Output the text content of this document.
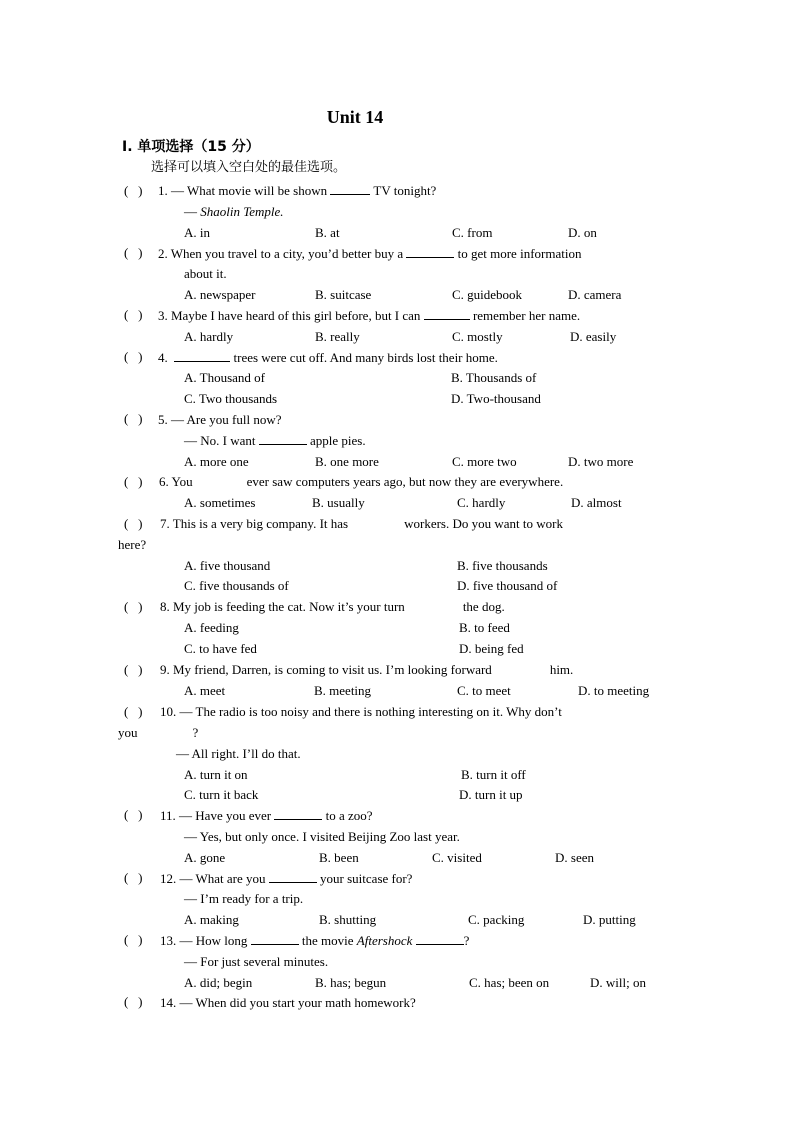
Unit 14
Ⅰ. 单项选择（15 分）
选择可以填入空白处的最佳选项。
(   ) 1. — What movie will be shown	TV tonight?
— Shaolin Temple.
A. in	B. at	C. from	D. on
(   ) 2. When you travel to a city, you’d better buy a	to get more information
about it.
A. newspaper	B. suitcase	C. guidebook	D. camera
(   ) 3. Maybe I have heard of this girl before, but I can	remember her name.
A. hardly	B. really	C. mostly	D. easily
(   ) 4.	trees were cut off. And many birds lost their home.
A. Thousand of	B. Thousands of
C. Two thousands	D. Two-thousand
(   ) 5. — Are you full now?
— No. I want	apple pies.
A. more one	B. one more	C. more two	D. two more
(   ) 6. You	ever saw computers years ago, but now they are everywhere.
A. sometimes	B. usually	C. hardly	D. almost
(   ) 7. This is a very big company. It has	workers. Do you want to work
here?
A. five thousand	B. five thousands
C. five thousands of	D. five thousand of
(   ) 8. My job is feeding the cat. Now it’s your turn	the dog.
A. feeding	B. to feed
C. to have fed	D. being fed
(   ) 9. My friend, Darren, is coming to visit us. I’m looking forward	him.
A. meet	B. meeting	C. to meet	D. to meeting
(   ) 10. — The radio is too noisy and there is nothing interesting on it. Why don’t
you	?
— All right. I’ll do that.
A. turn it on	B. turn it off
C. turn it back	D. turn it up
(   ) 11. — Have you ever	to a zoo?
— Yes, but only once. I visited Beijing Zoo last year.
A. gone	B. been	C. visited	D. seen
(   ) 12. — What are you	your suitcase for?
— I’m ready for a trip.
A. making	B. shutting	C. packing	D. putting
(   ) 13. — How long	the movie Aftershock	?
— For just several minutes.
A. did; begin	B. has; begun	C. has; been on	D. will; on
(   ) 14. — When did you start your math homework?
